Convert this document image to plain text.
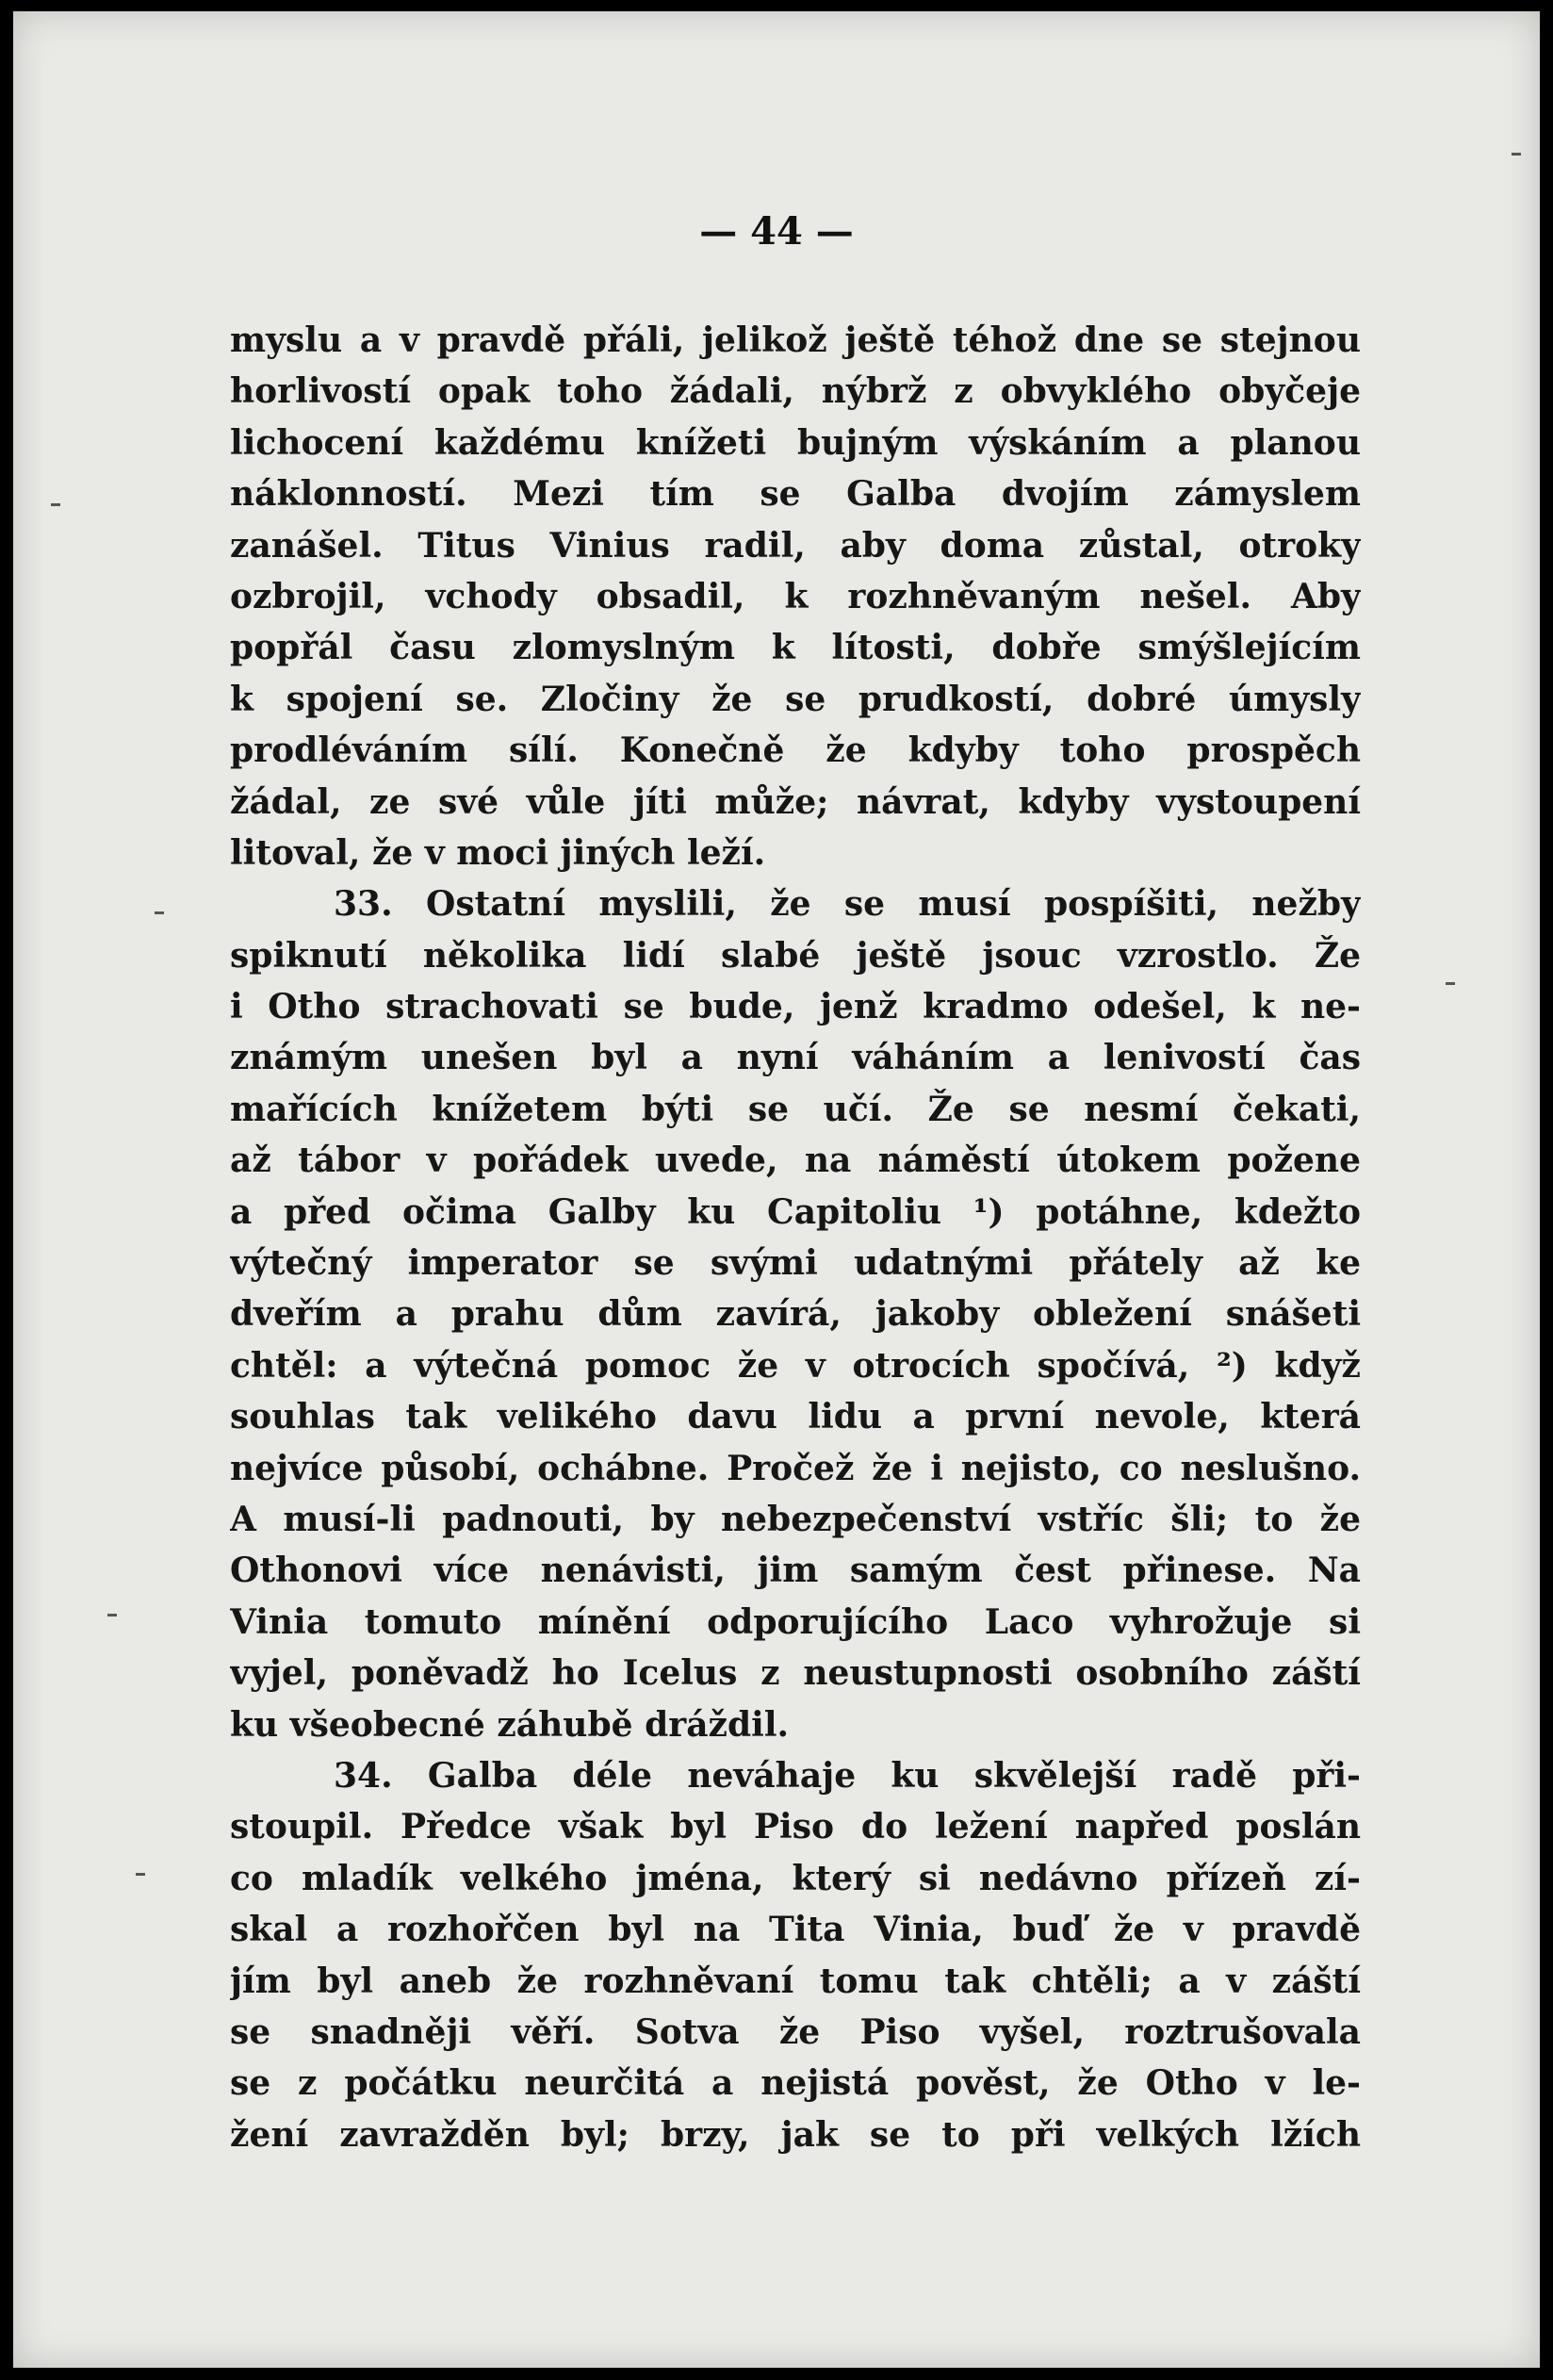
— 44 —
myslu a v pravdě přáli, jelikož ještě téhož dne se stejnou
horlivostí opak toho žádali, nýbrž z obvyklého obyčeje
lichocení každému knížeti bujným výskáním a planou
náklonností. Mezi tím se Galba dvojím zámyslem
zanášel. Titus Vinius radil, aby doma zůstal, otroky
ozbrojil, vchody obsadil, k rozhněvaným nešel. Aby
popřál času zlomyslným k lítosti, dobře smýšlejícím
k spojení se. Zločiny že se prudkostí, dobré úmysly
prodléváním sílí. Konečně že kdyby toho prospěch
žádal, ze své vůle jíti může; návrat, kdyby vystoupení
litoval, že v moci jiných leží.
33. Ostatní myslili, že se musí pospíšiti, nežby
spiknutí několika lidí slabé ještě jsouc vzrostlo. Že
i Otho strachovati se bude, jenž kradmo odešel, k ne-
známým unešen byl a nyní váháním a lenivostí čas
mařících knížetem býti se učí. Že se nesmí čekati,
až tábor v pořádek uvede, na náměstí útokem požene
a před očima Galby ku Capitoliu ¹) potáhne, kdežto
výtečný imperator se svými udatnými přátely až ke
dveřím a prahu dům zavírá, jakoby obležení snášeti
chtěl: a výtečná pomoc že v otrocích spočívá, ²) když
souhlas tak velikého davu lidu a první nevole, která
nejvíce působí, ochábne. Pročež že i nejisto, co neslušno.
A musí-li padnouti, by nebezpečenství vstříc šli; to že
Othonovi více nenávisti, jim samým čest přinese. Na
Vinia tomuto mínění odporujícího Laco vyhrožuje si
vyjel, poněvadž ho Icelus z neustupnosti osobního záští
ku všeobecné záhubě dráždil.
34. Galba déle neváhaje ku skvělejší radě při-
stoupil. Předce však byl Piso do ležení napřed poslán
co mladík velkého jména, který si nedávno přízeň zí-
skal a rozhořčen byl na Tita Vinia, buď že v pravdě
jím byl aneb že rozhněvaní tomu tak chtěli; a v záští
se snadněji věří. Sotva že Piso vyšel, roztrušovala
se z počátku neurčitá a nejistá pověst, že Otho v le-
žení zavražděn byl; brzy, jak se to při velkých lžích
